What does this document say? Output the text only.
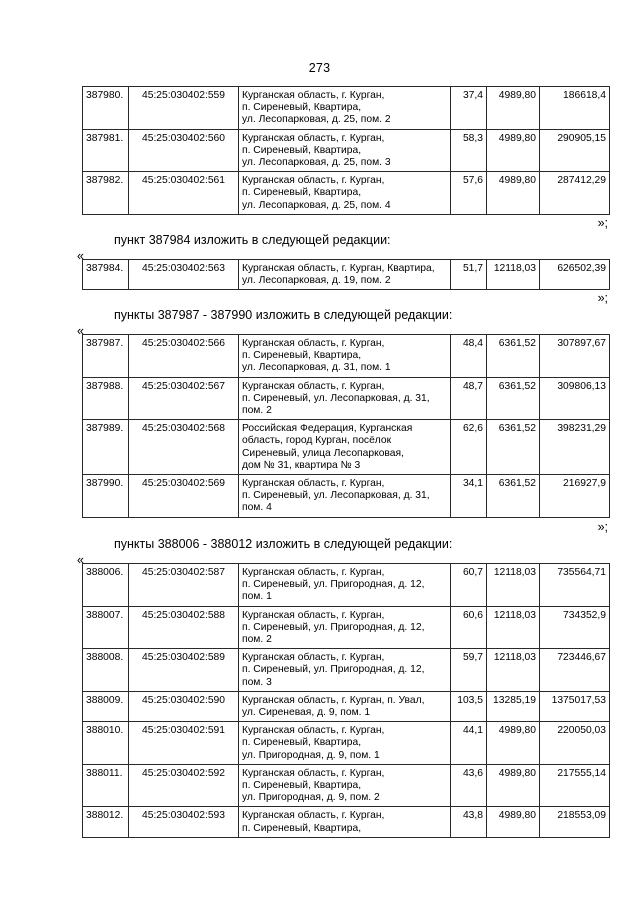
273
387980.	45:25:030402:559	Курганская область, г. Курган,
п. Сиреневый, Квартира,
ул. Лесопарковая, д. 25, пом. 2	37,4	4989,80	186618,4
387981.	45:25:030402:560	Курганская область, г. Курган,
п. Сиреневый, Квартира,
ул. Лесопарковая, д. 25, пом. 3	58,3	4989,80	290905,15
387982.	45:25:030402:561	Курганская область, г. Курган,
п. Сиреневый, Квартира,
ул. Лесопарковая, д. 25, пом. 4	57,6	4989,80	287412,29
»;
пункт 387984 изложить в следующей редакции:
«
387984.	45:25:030402:563	Курганская область, г. Курган, Квартира,
ул. Лесопарковая, д. 19, пом. 2	51,7	12118,03	626502,39
»;
пункты 387987 - 387990 изложить в следующей редакции:
«
387987.	45:25:030402:566	Курганская область, г. Курган,
п. Сиреневый, Квартира,
ул. Лесопарковая, д. 31, пом. 1	48,4	6361,52	307897,67
387988.	45:25:030402:567	Курганская область, г. Курган,
п. Сиреневый, ул. Лесопарковая, д. 31,
пом. 2	48,7	6361,52	309806,13
387989.	45:25:030402:568	Российская Федерация, Курганская
область, город Курган, посёлок
Сиреневый, улица Лесопарковая,
дом № 31, квартира № 3	62,6	6361,52	398231,29
387990.	45:25:030402:569	Курганская область, г. Курган,
п. Сиреневый, ул. Лесопарковая, д. 31,
пом. 4	34,1	6361,52	216927,9
»;
пункты 388006 - 388012 изложить в следующей редакции:
«
388006.	45:25:030402:587	Курганская область, г. Курган,
п. Сиреневый, ул. Пригородная, д. 12,
пом. 1	60,7	12118,03	735564,71
388007.	45:25:030402:588	Курганская область, г. Курган,
п. Сиреневый, ул. Пригородная, д. 12,
пом. 2	60,6	12118,03	734352,9
388008.	45:25:030402:589	Курганская область, г. Курган,
п. Сиреневый, ул. Пригородная, д. 12,
пом. 3	59,7	12118,03	723446,67
388009.	45:25:030402:590	Курганская область, г. Курган, п. Увал,
ул. Сиреневая, д. 9, пом. 1	103,5	13285,19	1375017,53
388010.	45:25:030402:591	Курганская область, г. Курган,
п. Сиреневый, Квартира,
ул. Пригородная, д. 9, пом. 1	44,1	4989,80	220050,03
388011.	45:25:030402:592	Курганская область, г. Курган,
п. Сиреневый, Квартира,
ул. Пригородная, д. 9, пом. 2	43,6	4989,80	217555,14
388012.	45:25:030402:593	Курганская область, г. Курган,
п. Сиреневый, Квартира,	43,8	4989,80	218553,09
